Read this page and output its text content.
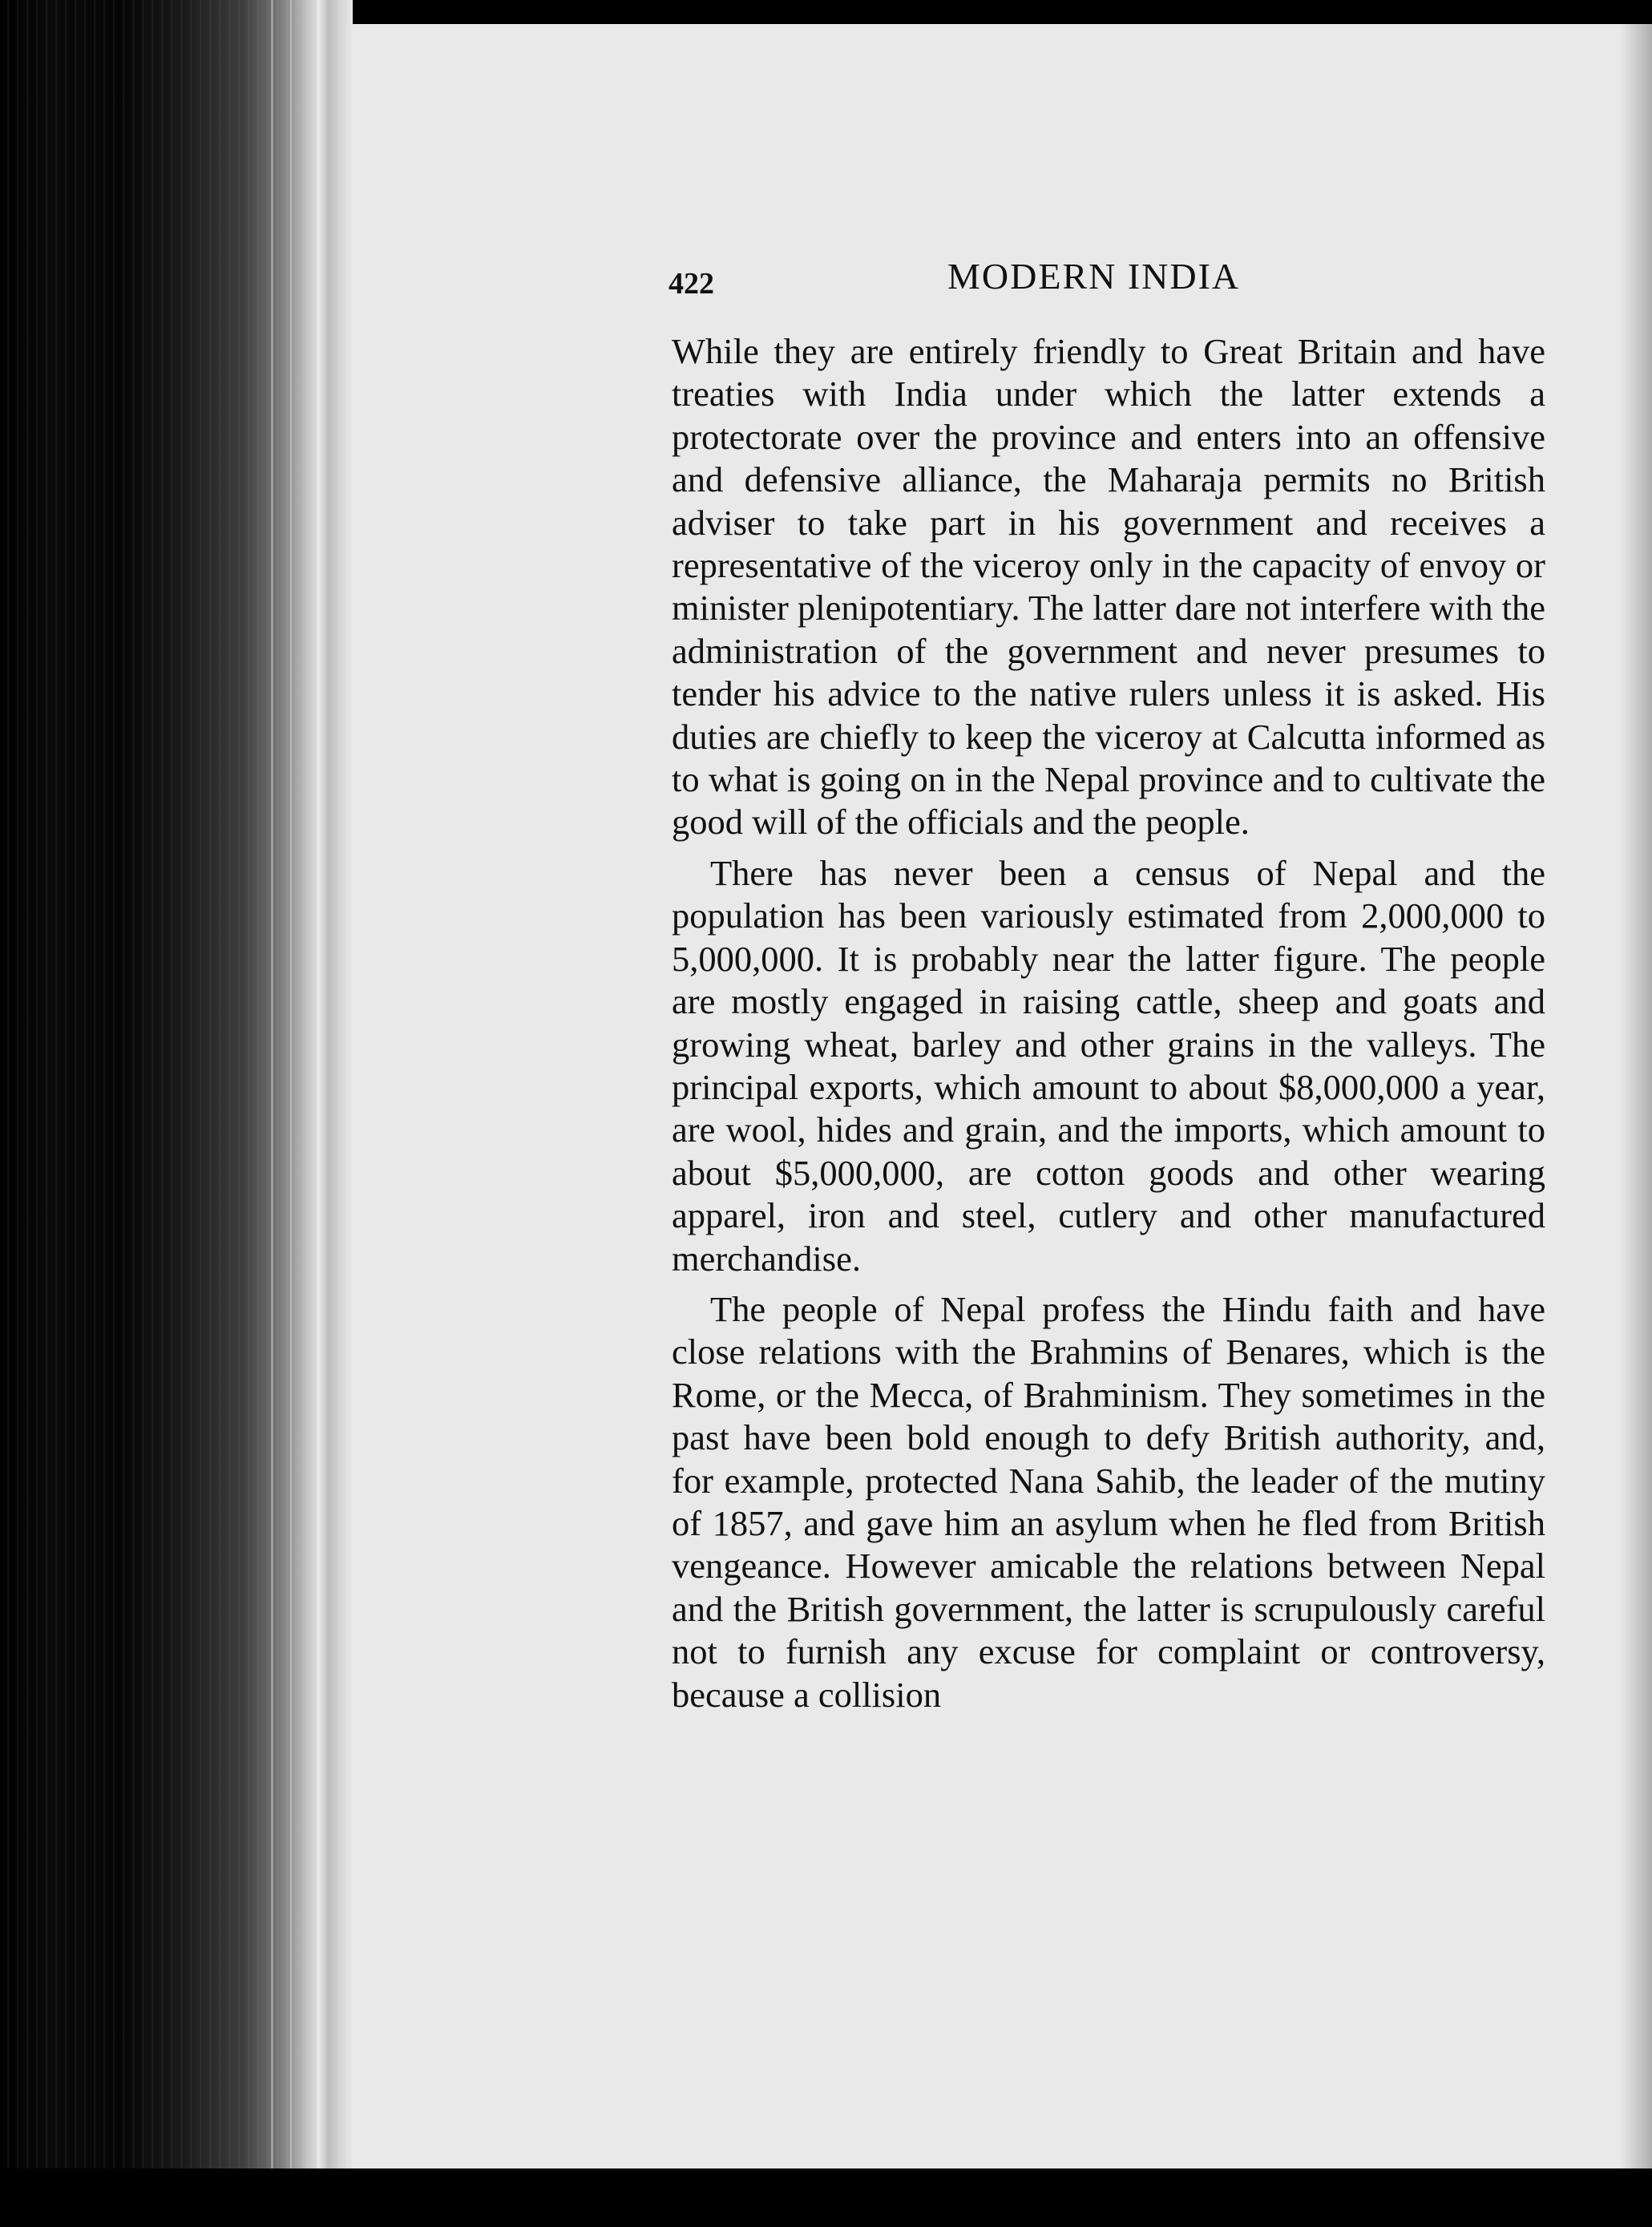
422	MODERN INDIA

While they are entirely friendly to Great Britain and have treaties with India under which the latter extends a protectorate over the province and enters into an offensive and defensive alliance, the Maharaja permits no British adviser to take part in his government and receives a representative of the viceroy only in the capacity of envoy or minister plenipotentiary. The latter dare not interfere with the administration of the government and never presumes to tender his advice to the native rulers unless it is asked. His duties are chiefly to keep the viceroy at Calcutta informed as to what is going on in the Nepal province and to cultivate the good will of the officials and the people.

There has never been a census of Nepal and the population has been variously estimated from 2,000,000 to 5,000,000. It is probably near the latter figure. The people are mostly engaged in raising cattle, sheep and goats and growing wheat, barley and other grains in the valleys. The principal exports, which amount to about $8,000,000 a year, are wool, hides and grain, and the imports, which amount to about $5,000,000, are cotton goods and other wearing apparel, iron and steel, cutlery and other manufactured merchandise.

The people of Nepal profess the Hindu faith and have close relations with the Brahmins of Benares, which is the Rome, or the Mecca, of Brahminism. They sometimes in the past have been bold enough to defy British authority, and, for example, protected Nana Sahib, the leader of the mutiny of 1857, and gave him an asylum when he fled from British vengeance. However amicable the relations between Nepal and the British government, the latter is scrupulously careful not to furnish any excuse for complaint or controversy, because a collision
